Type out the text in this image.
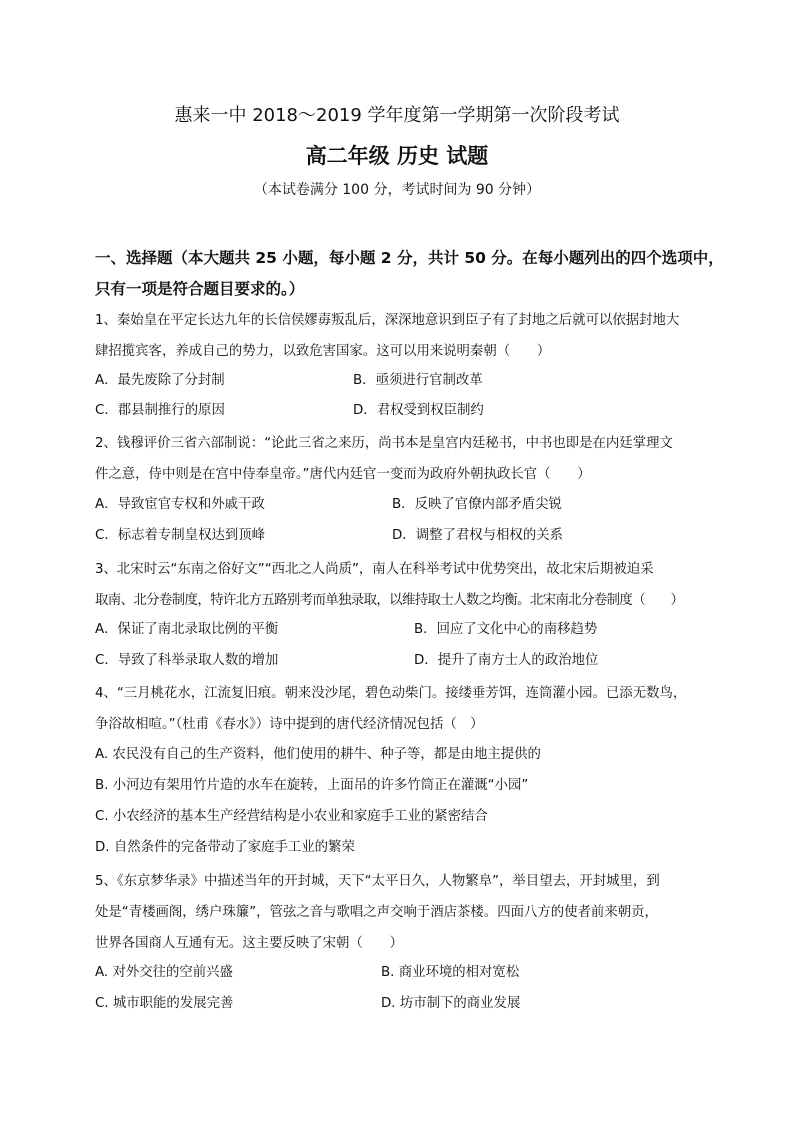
惠来一中 2018～2019 学年度第一学期第一次阶段考试
高二年级 历史 试题
（本试卷满分 100 分，考试时间为 90 分钟）
一、选择题（本大题共 25 小题，每小题 2 分，共计 50 分。在每小题列出的四个选项中，
只有一项是符合题目要求的。）
1、秦始皇在平定长达九年的长信侯嫪毐叛乱后，深深地意识到臣子有了封地之后就可以依据封地大
肆招揽宾客，养成自己的势力，以致危害国家。这可以用来说明秦朝（　　）
A．最先废除了分封制	B．亟须进行官制改革
C．郡县制推行的原因	D．君权受到权臣制约
2、钱穆评价三省六部制说：“论此三省之来历，尚书本是皇宫内廷秘书，中书也即是在内廷掌理文
件之意，侍中则是在宫中侍奉皇帝。”唐代内廷官一变而为政府外朝执政长官（　　）
A．导致宦官专权和外戚干政	B．反映了官僚内部矛盾尖锐
C．标志着专制皇权达到顶峰	D．调整了君权与相权的关系
3、北宋时云“东南之俗好文”“西北之人尚质”，南人在科举考试中优势突出，故北宋后期被迫采
取南、北分卷制度，特许北方五路别考而单独录取，以维持取士人数之均衡。北宋南北分卷制度（　　）
A．保证了南北录取比例的平衡	B．回应了文化中心的南移趋势
C．导致了科举录取人数的增加	D．提升了南方士人的政治地位
4、“三月桃花水，江流复旧痕。朝来没沙尾，碧色动柴门。接缕垂芳饵，连筒灌小园。已添无数鸟，
争浴故相喧。”（杜甫《春水》）诗中提到的唐代经济情况包括（　）
A. 农民没有自己的生产资料，他们使用的耕牛、种子等，都是由地主提供的
B. 小河边有架用竹片造的水车在旋转，上面吊的许多竹筒正在灌溉“小园”
C. 小农经济的基本生产经营结构是小农业和家庭手工业的紧密结合
D. 自然条件的完备带动了家庭手工业的繁荣
5、《东京梦华录》中描述当年的开封城，天下“太平日久，人物繁阜”，举目望去，开封城里，到
处是“青楼画阁，绣户珠簾”，管弦之音与歌唱之声交响于酒店茶楼。四面八方的使者前来朝贡，
世界各国商人互通有无。这主要反映了宋朝（　　）
A. 对外交往的空前兴盛	B. 商业环境的相对宽松
C. 城市职能的发展完善	D. 坊市制下的商业发展
